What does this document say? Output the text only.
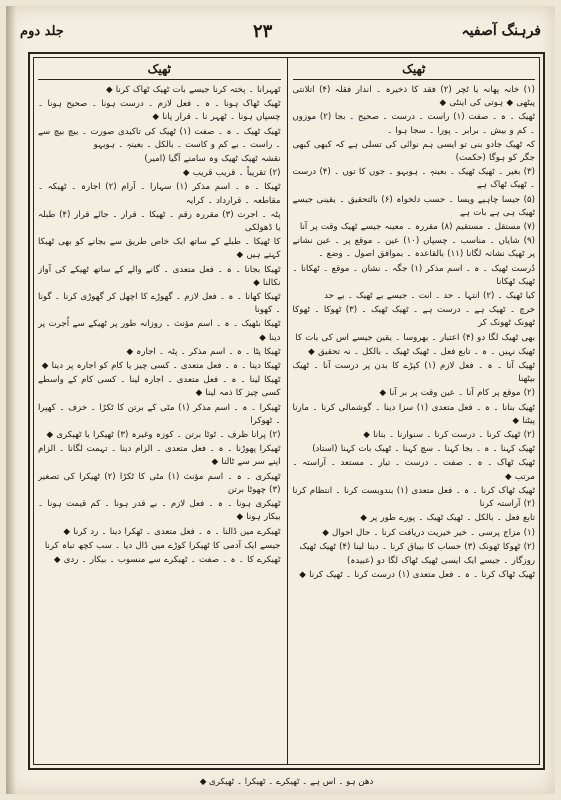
فرہنگ آصفیہ
۲۳
جلد دوم
ٹھیک

(۱) خانہ پھانہ یا ٹچر (۲) فقد کا ذخیرہ ۔ اندار فقلہ (۴) اتلانتی پیٹھی ◆ ہوتی کی اینٹی ◆

ٹھیک ۔ ہ ۔ صفت (۱) راست ۔ درست ۔ صحیح ۔ بجا (۲) موزوں ۔ کم و بیش ۔ برابر ۔ پورا ۔ سجا ہوا ۔

کہ ٹھیک جادو بنی تو ایسی ہم نوائی کی تسلی ہے کہ کبھی کبھی جگر کو ہوگا (حکمت)

(۳) بغیر ۔ ٹھیک ٹھیک ۔ بعینہٖ ۔ ہوبہو ۔ جوں کا توں ۔ (۴) درست ۔ ٹھیک ٹھاک ہے

(۵) جیسا چاہیے ویسا ۔ حسب دلخواہ (۶) بالتحقیق ۔ یقینی جیسے ٹھیک ہی ہے بات ہے

(۷) مستقل ۔ مستقیم (۸) مقررہ ۔ معینہ جیسے ٹھیک وقت پر آنا

(۹) شایاں ۔ مناسب ۔ چسپاں (۱۰) عین ۔ موقع پر ۔ عین نشانے پر ٹھیک نشانہ لگانا (۱۱) بالقاعدہ ۔ بموافق اصول ۔ وضع ۔

دُرست ٹھیک ۔ ہ ۔ اسم مذکر (۱) جگہ ۔ نشان ۔ موقع ۔ ٹھکانا ۔ ٹھیک ٹھکانا

کیا ٹھیک ۔ (۲) انتہا ۔ حد ۔ انت ۔ جیسے بے ٹھیک ۔ بے حد

خرچ ۔ ٹھیک ہے ۔ درست ہے ۔ ٹھیک ٹھیک ۔ (۳) ٹھوکا ۔ ٹھوکا ٹھونک ٹھونک کر

بھی ٹھیک لگا دو (۴) اعتبار ۔ بھروسا ۔ یقین جیسے اس کی بات کا

ٹھیک نہیں ۔ ہ ۔ تابع فعل ۔ ٹھیک ٹھیک ۔ بالکل ۔ نہ تحقیق ◆

ٹھیک آنا ۔ ہ ۔ فعل لازم (۱) کپڑے کا بدن پر درست آنا ۔ ٹھیک بیٹھنا

(۲) موقع پر کام آنا ۔ عین وقت پر بر آنا ◆

ٹھیک بنانا ۔ ہ ۔ فعل متعدی (۱) سزا دینا ۔ گوشمالی کرنا ۔ مارنا پیٹنا ◆

(۲) ٹھیک کرنا ۔ درست کرنا ۔ سنوارنا ۔ بنانا ◆

ٹھیک کہنا ۔ ہ ۔ بجا کہنا ۔ سچ کہنا ۔ ٹھیک بات کہنا (استاد)

ٹھیک ٹھاک ۔ ہ ۔ صفت ۔ درست ۔ تیار ۔ مستعد ۔ آراستہ ۔ مرتب ◆

ٹھیک ٹھاک کرنا ۔ ہ ۔ فعل متعدی (۱) بندوبست کرنا ۔ انتظام کرنا (۲) آراستہ کرنا

تابع فعل ۔ بالکل ۔ ٹھیک ٹھیک ۔ پورے طور پر ◆

(۱) مزاج پرسی ۔ خیر خیریت دریافت کرنا ۔ حال احوال ◆

(۲) ٹھوکا ٹھونک (۳) حساب کا بیباق کرنا ۔ دینا لینا (۴) ٹھیک ٹھیک

روزگار ۔ جیسے ایک ایسی ٹھیک ٹھاک لگا دو (عبیدہ)

ٹھیک ٹھاک کرنا ۔ ہ ۔ فعل متعدی (۱) درست کرنا ۔ ٹھیک کرنا ◆

ٹھیک

ٹھہرانا ۔ پختہ کرنا جیسے بات ٹھیک ٹھاک کرنا ◆

ٹھیک ٹھاک ہونا ۔ ہ ۔ فعل لازم ۔ درست ہونا ۔ صحیح ہونا ۔ چسپاں ہونا ۔ ٹھہر نا ۔ قرار پانا ◆

ٹھیک ٹھیک ۔ ہ ۔ صفت (۱) ٹھیک کی تاکیدی صورت ۔ بیچ بیچ سے ۔ راست ۔ بے کم و کاست ۔ بالکل ۔ بعینہٖ ۔ ہوبہو

نقشہ ٹھیک ٹھیک وہ سامنے آگیا (امیر)

(۲) تقریباً ۔ قریب قریب ◆

ٹھیکا ۔ ہ ۔ اسم مذکر (۱) سہارا ۔ آرام (۲) اجارہ ۔ ٹھیکہ ۔ مقاطعہ ۔ قرارداد ۔ کرایہ

پٹہ ۔ اجرت (۳) مقررہ رقم ۔ ٹھیکا ۔ قرار ۔ جائے قرار (۴) طبلہ یا ڈھولکی

کا ٹھیکا ۔ طبلے کے ساتھ ایک خاص طریق سے بجانے کو بھی ٹھیکا کہتے ہیں ◆

ٹھیکا بجانا ۔ ہ ۔ فعل متعدی ۔ گانے والے کے ساتھ ٹھیکے کی آواز نکالنا ◆

ٹھیکا کھانا ۔ ہ ۔ فعل لازم ۔ گھوڑے کا اچھل کر گھوڑی کرنا ۔ گونا ۔ کھونا

ٹھیکا بٹھیک ۔ ہ ۔ اسم مؤنث ۔ روزانہ طور پر ٹھیکے سے اُجرت پر دینا ◆

ٹھیکا پٹا ۔ ہ ۔ اسم مذکر ۔ پٹہ ۔ اجارہ ◆

ٹھیکا دینا ۔ ہ ۔ فعل متعدی ۔ کسی چیز یا کام کو اجارہ پر دینا ◆

ٹھیکا لینا ۔ ہ ۔ فعل متعدی ۔ اجارہ لینا ۔ کسی کام کے واسطے کسی چیز کا ذمہ لینا ◆

ٹھیکرا ۔ ہ ۔ اسم مذکر (۱) مٹی کے برتن کا ٹکڑا ۔ خزف ۔ کھپرا ۔ ٹھوکرا

(۲) پرانا ظرف ۔ ٹوٹا برتن ۔ کوزہ وغیرہ (۳) ٹھیکرا یا ٹھیکری ◆

ٹھیکرا پھوڑنا ۔ ہ ۔ فعل متعدی ۔ الزام دینا ۔ تہمت لگانا ۔ الزام اپنے سر سے ٹالنا ◆

ٹھیکری ۔ ہ ۔ اسم مؤنث (۱) مٹی کا ٹکڑا (۲) ٹھیکرا کی تصغیر (۳) چھوٹا برتن

ٹھیکری ہونا ۔ ہ ۔ فعل لازم ۔ بے قدر ہونا ۔ کم قیمت ہونا ۔ بیکار ہونا ◆

ٹھیکرے میں ڈالنا ۔ ہ ۔ فعل متعدی ۔ ٹھکرا دینا ۔ رد کرنا ◆

جیسے ایک آدمی کا ٹھیکرا کوڑے میں ڈال دیا ۔ سب کچھ تباہ کرنا

ٹھیکرے کا ۔ ہ ۔ صفت ۔ ٹھیکرے سے منسوب ۔ بیکار ۔ ردی ◆

دھن ہو ۔ اس ہے ۔ ٹھیکرے ۔ ٹھیکرا ۔ ٹھیکری ◆
